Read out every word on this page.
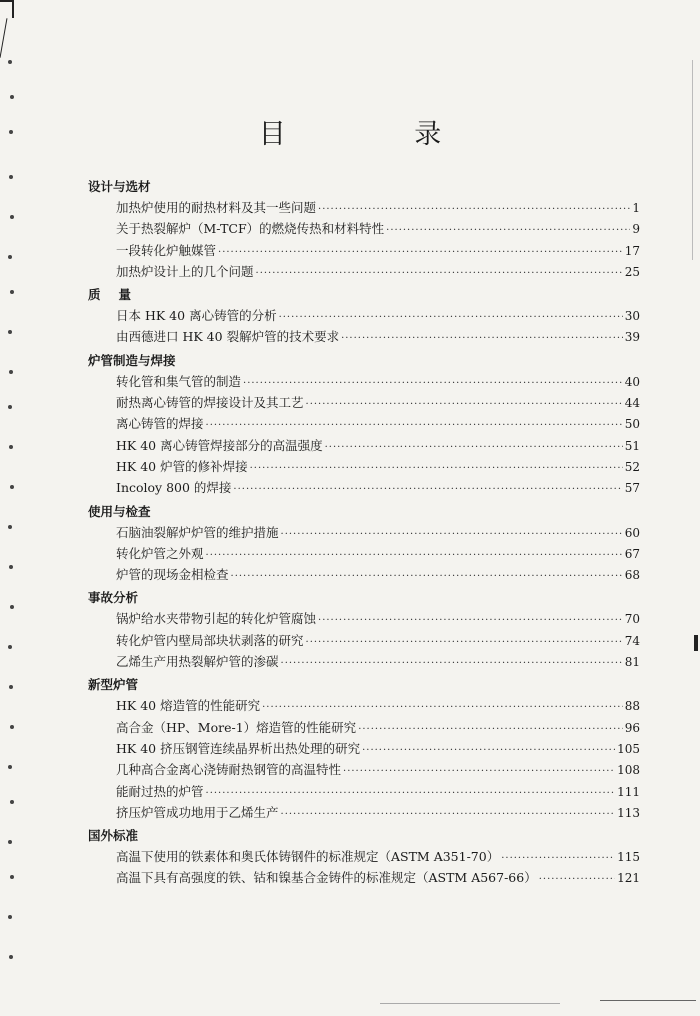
目 录
设计与选材
加热炉使用的耐热材料及其一些问题 ·····	1
关于热裂解炉（M-TCF）的燃烧传热和材料特性 ·····	9
一段转化炉触媒管 ·····	17
加热炉设计上的几个问题 ·····	25
质量
日本 HK 40 离心铸管的分析 ·····	30
由西德进口 HK 40 裂解炉管的技术要求 ·····	39
炉管制造与焊接
转化管和集气管的制造 ·····	40
耐热离心铸管的焊接设计及其工艺 ·····	44
离心铸管的焊接 ·····	50
HK 40 离心铸管焊接部分的高温强度 ·····	51
HK 40 炉管的修补焊接 ·····	52
Incoloy 800 的焊接 ·····	57
使用与检查
石脑油裂解炉炉管的维护措施 ·····	60
转化炉管之外观 ·····	67
炉管的现场金相检查 ·····	68
事故分析
锅炉给水夹带物引起的转化炉管腐蚀 ·····	70
转化炉管内壁局部块状剥落的研究 ·····	74
乙烯生产用热裂解炉管的渗碳 ·····	81
新型炉管
HK 40 熔造管的性能研究 ·····	88
高合金（HP、More-1）熔造管的性能研究 ·····	96
HK 40 挤压钢管连续晶界析出热处理的研究 ·····	105
几种高合金离心浇铸耐热钢管的高温特性 ·····	108
能耐过热的炉管 ·····	111
挤压炉管成功地用于乙烯生产 ·····	113
国外标准
高温下使用的铁素体和奥氏体铸钢件的标准规定（ASTM A351-70） ·····	115
高温下具有高强度的铁、钴和镍基合金铸件的标准规定（ASTM A567-66） ·····	121
